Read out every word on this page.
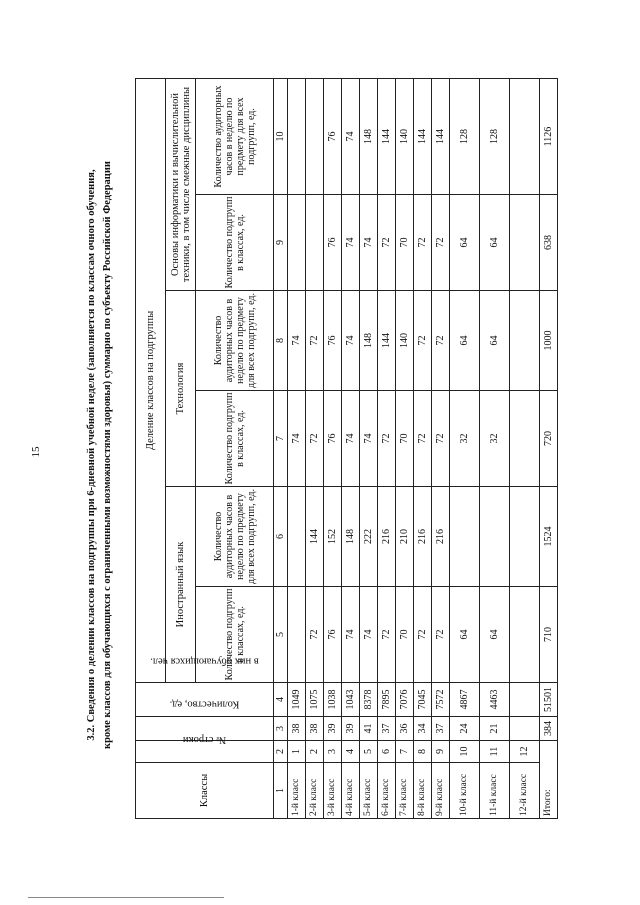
15	3.2. Сведения о делении классов на подгруппы при 6-дневной учебной неделе (заполняется по классам очного обучения, кроме классов для обучающихся с ограниченными возможностями здоровья) суммарно по субъекту Российской Федерации
Классы	№ строки	Количество, ед.	в них обучающихся чел.	Деление классов на подгруппы					
				Иностранный язык		Технология		Основы информатики и вычислительной техники, в том числе смежные дисциплины	
				Количество подгрупп в классах, ед.	Количество аудиторных часов в неделю по предмету для всех подгрупп, ед.	Количество подгрупп в классах, ед.	Количество аудиторных часов в неделю по предмету для всех подгрупп, ед.	Количество подгрупп в классах, ед.	Количество аудиторных часов в неделю по предмету для всех подгрупп, ед.
1	2	3	4	5	6	7	8	9	10
1-й класс	1	38	1049			74	74		
2-й класс	2	38	1075	72	144	72	72		
3-й класс	3	39	1038	76	152	76	76	76	76
4-й класс	4	39	1043	74	148	74	74	74	74
5-й класс	5	41	8378	74	222	74	148	74	148
6-й класс	6	37	7895	72	216	72	144	72	144
7-й класс	7	36	7076	70	210	70	140	70	140
8-й класс	8	34	7045	72	216	72	72	72	144
9-й класс	9	37	7572	72	216	72	72	72	144
10-й класс	10	24	4867	64		32	64	64	128
11-й класс	11	21	4463	64		32	64	64	128
12-й класс	12								
Итого:		384	51501	710	1524	720	1000	638	1126
